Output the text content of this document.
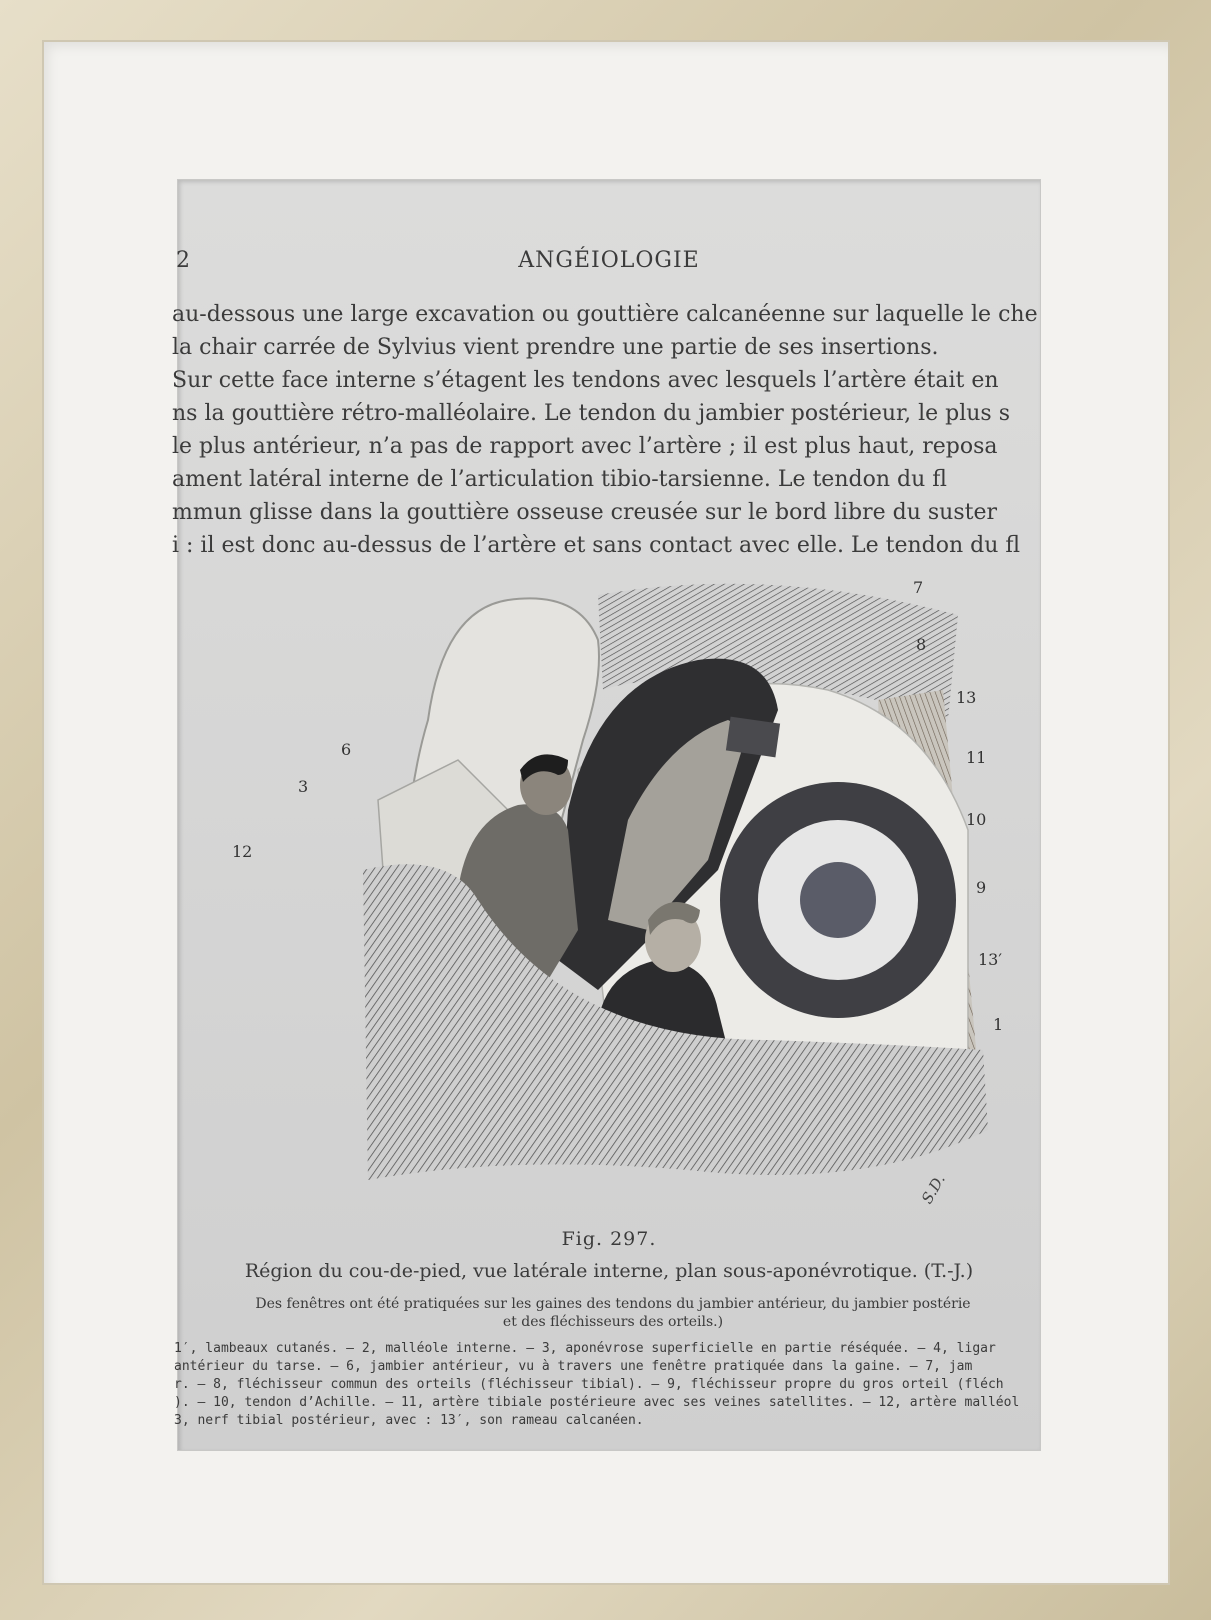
2	ANGÉIOLOGIE
au-dessous une large excavation ou gouttière calcanéenne sur laquelle le che
la chair carrée de Sylvius vient prendre une partie de ses insertions.
Sur cette face interne s’étagent les tendons avec lesquels l’artère était en
ns la gouttière rétro-malléolaire. Le tendon du jambier postérieur, le plus s
le plus antérieur, n’a pas de rapport avec l’artère ; il est plus haut, reposa
ament latéral interne de l’articulation tibio-tarsienne. Le tendon du fl
mmun glisse dans la gouttière osseuse creusée sur le bord libre du suster
i : il est donc au-dessus de l’artère et sans contact avec elle. Le tendon du fl
7
8
13
11
10
9
13′
1
6
3
12
S.D.
Fig. 297.
Région du cou-de-pied, vue latérale interne, plan sous-aponévrotique. (T.-J.)
Des fenêtres ont été pratiquées sur les gaines des tendons du jambier antérieur, du jambier postérie
et des fléchisseurs des orteils.)
1′, lambeaux cutanés. — 2, malléole interne. — 3, aponévrose superficielle en partie réséquée. — 4, ligar
antérieur du tarse. — 6, jambier antérieur, vu à travers une fenêtre pratiquée dans la gaine. — 7, jam
r. — 8, fléchisseur commun des orteils (fléchisseur tibial). — 9, fléchisseur propre du gros orteil (fléch
). — 10, tendon d’Achille. — 11, artère tibiale postérieure avec ses veines satellites. — 12, artère malléol
3, nerf tibial postérieur, avec : 13′, son rameau calcanéen.
